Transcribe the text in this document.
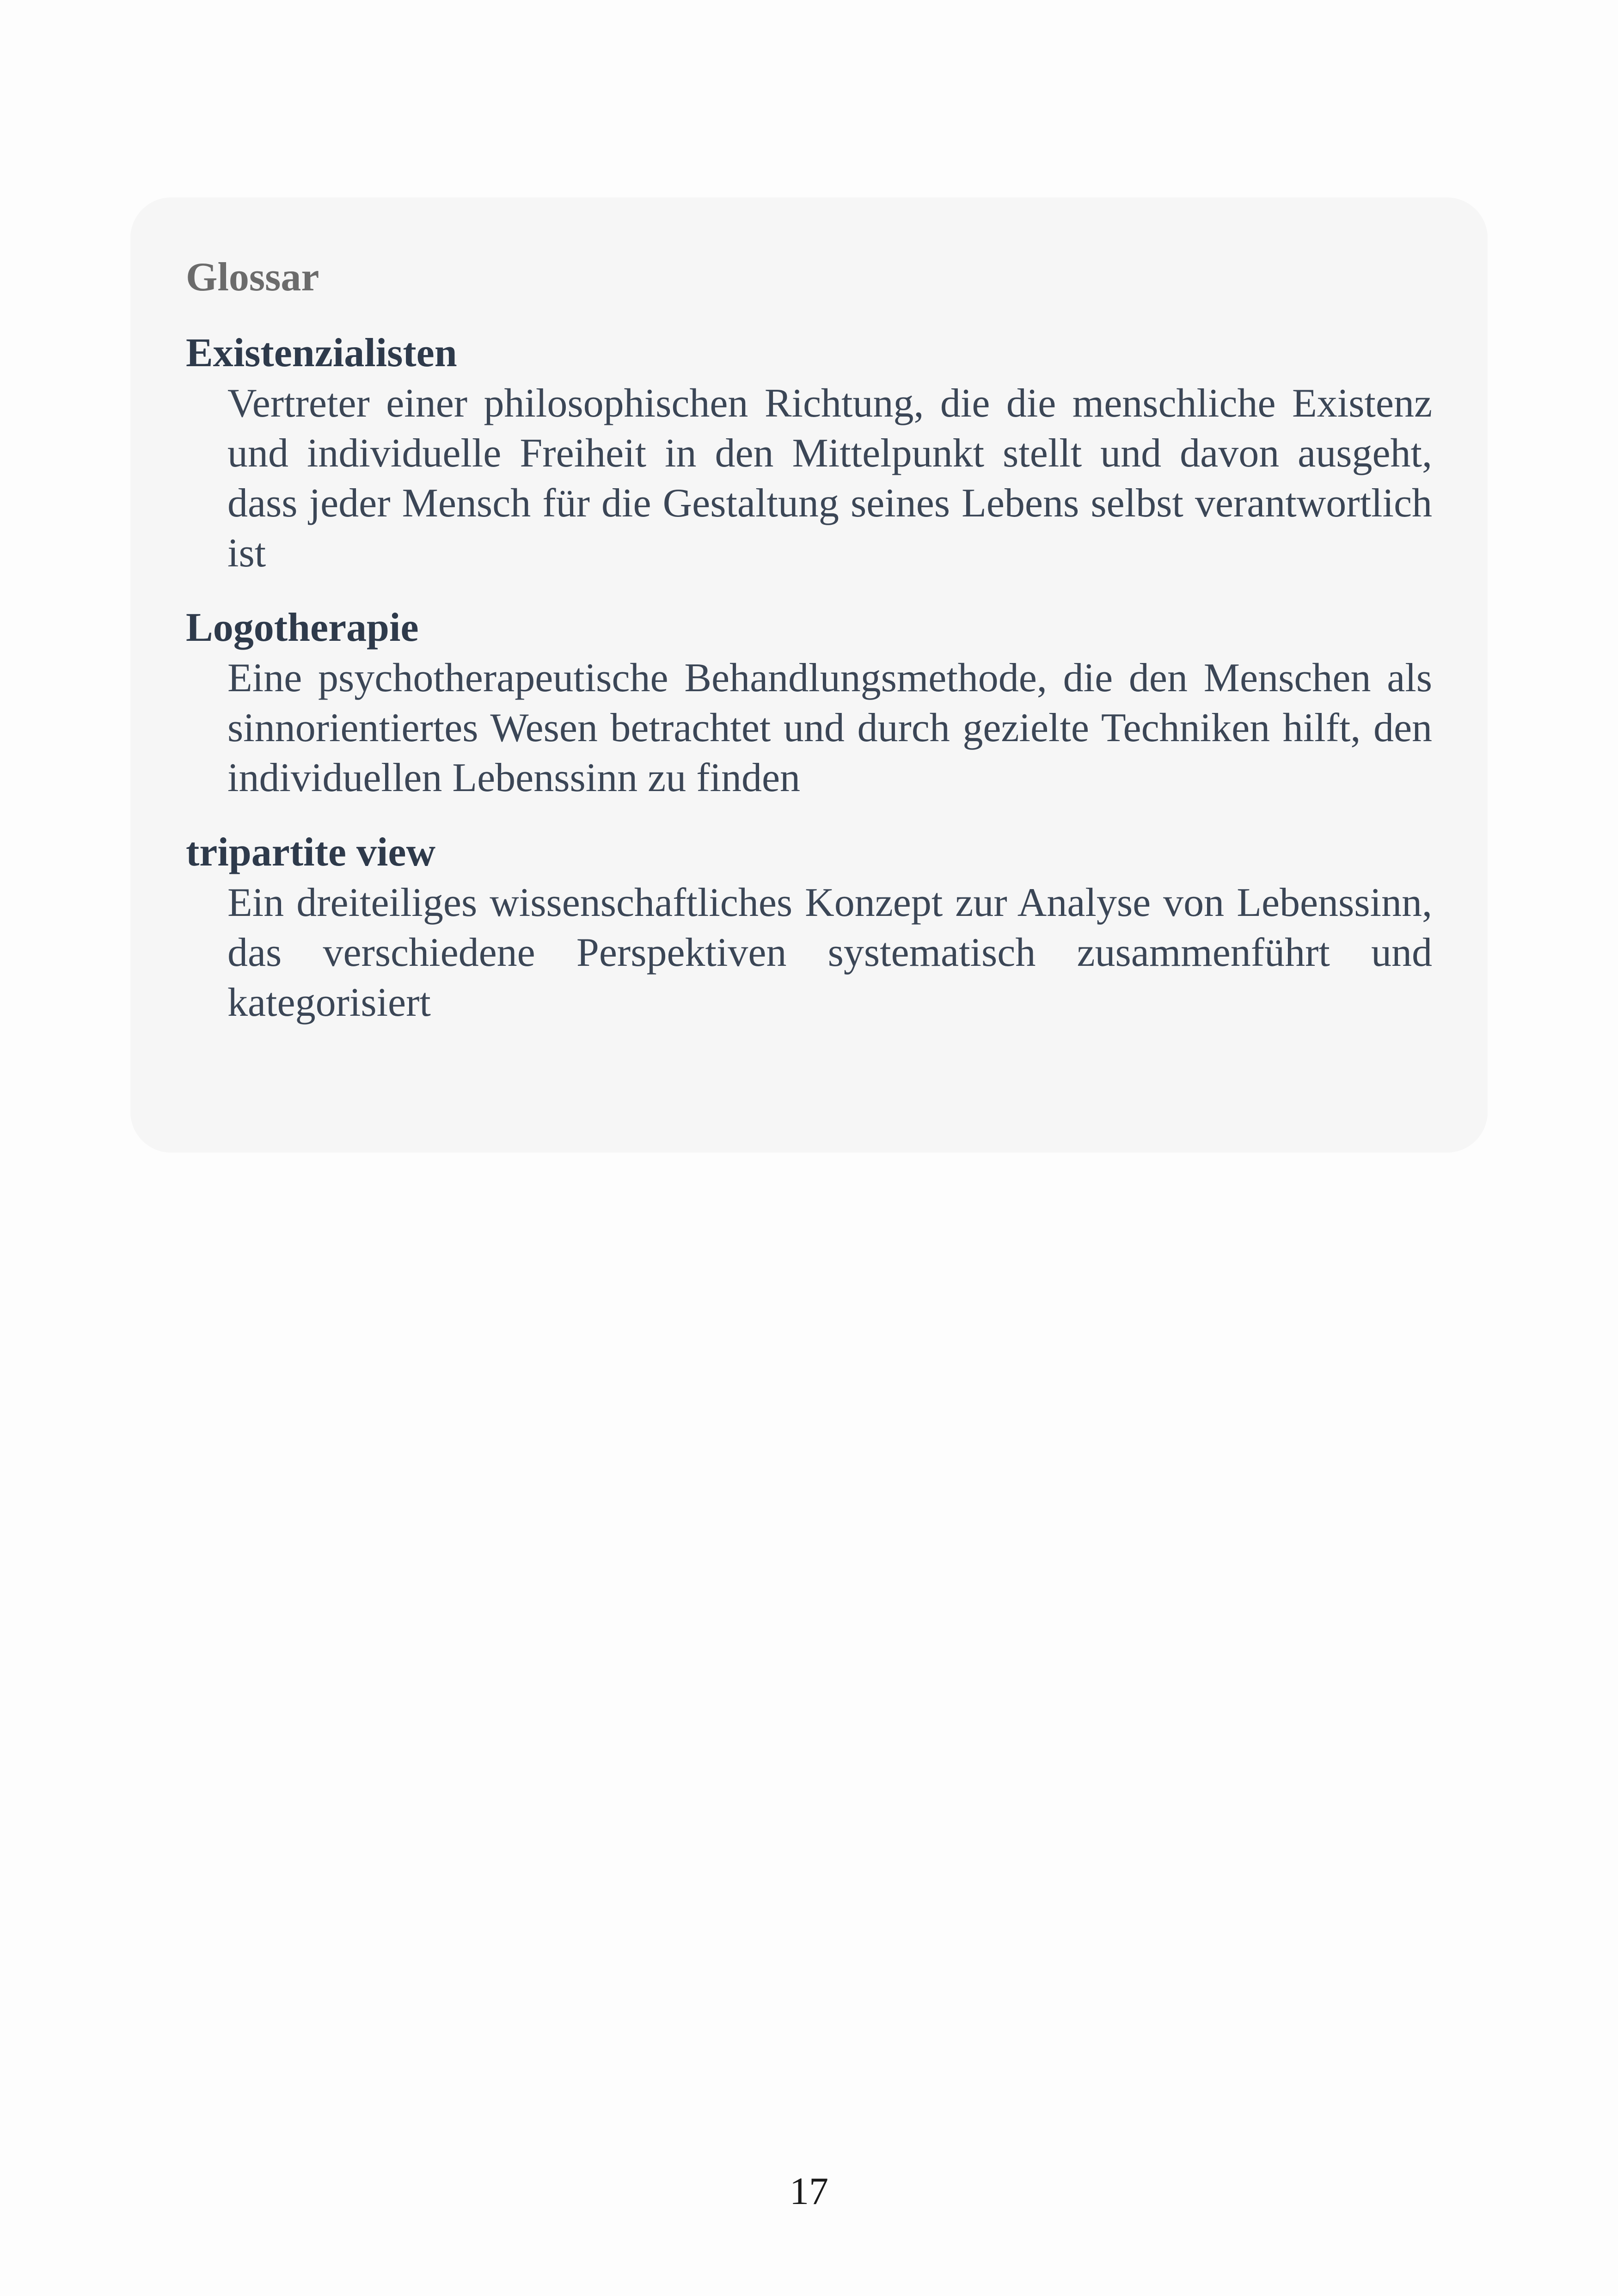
Glossar
Existenzialisten
Vertreter einer philosophischen Richtung, die die menschliche Existenz und individuelle Freiheit in den Mittelpunkt stellt und davon ausgeht, dass jeder Mensch für die Gestaltung seines Lebens selbst verantwortlich ist
Logotherapie
Eine psychotherapeutische Behandlungsmethode, die den Menschen als sinnorientiertes Wesen betrachtet und durch gezielte Techniken hilft, den individuellen Lebenssinn zu finden
tripartite view
Ein dreiteiliges wissenschaftliches Konzept zur Analyse von Lebenssinn, das verschiedene Perspektiven systematisch zusammenführt und kategorisiert
17
